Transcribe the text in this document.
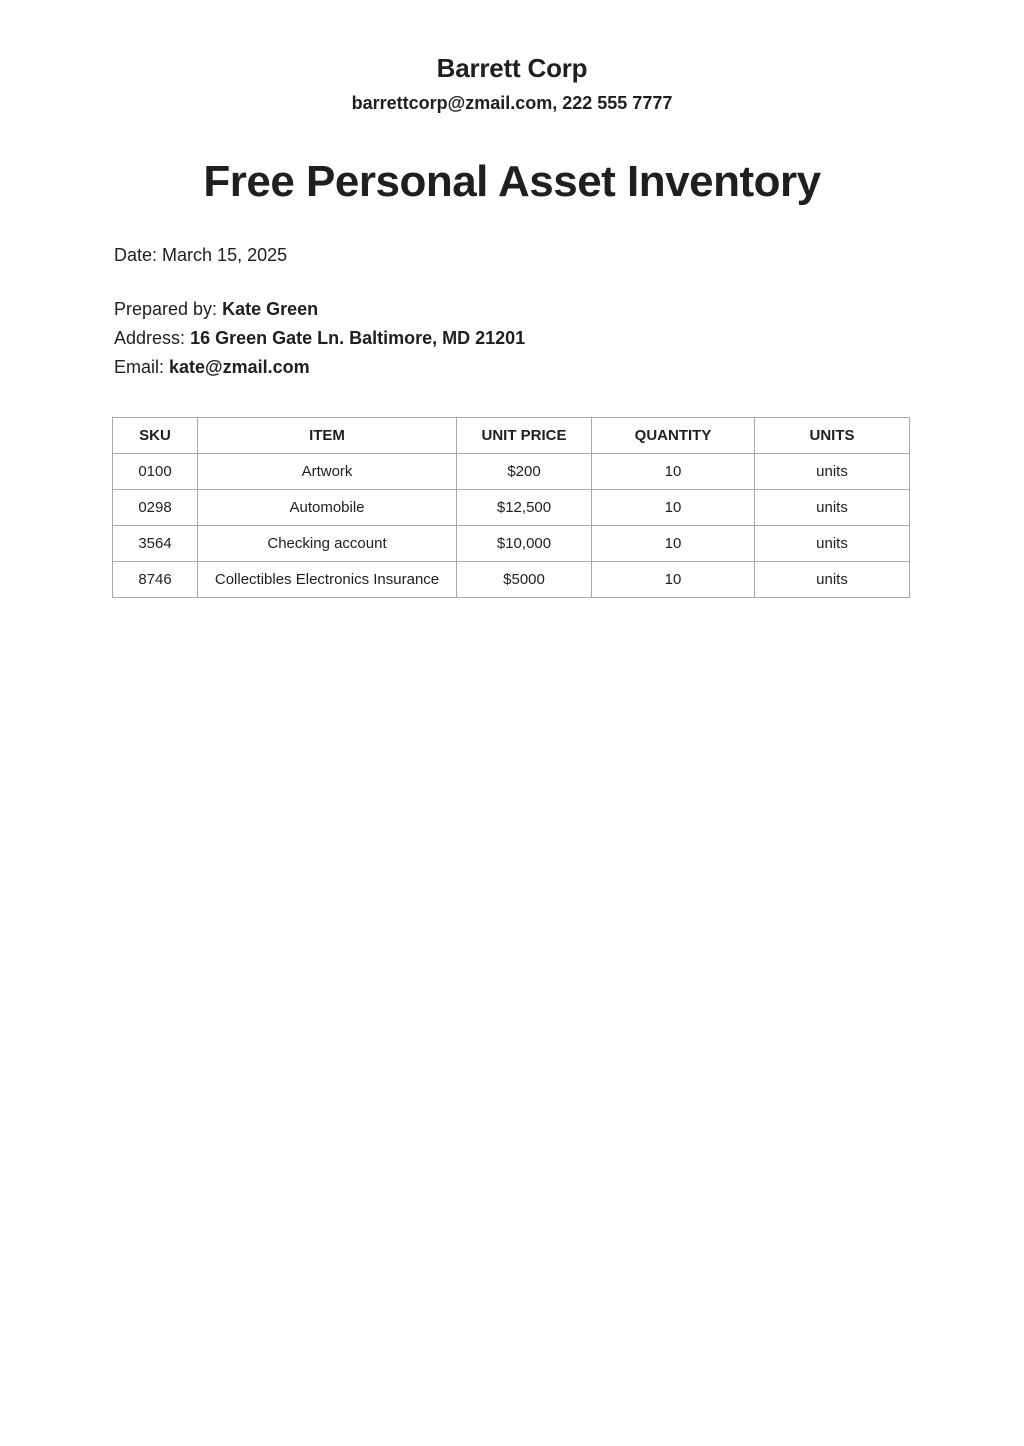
Barrett Corp
barrettcorp@zmail.com, 222 555 7777
Free Personal Asset Inventory
Date: March 15, 2025
Prepared by: Kate Green
Address: 16 Green Gate Ln. Baltimore, MD 21201
Email: kate@zmail.com
SKU	ITEM	UNIT PRICE	QUANTITY	UNITS
0100	Artwork	$200	10	units
0298	Automobile	$12,500	10	units
3564	Checking account	$10,000	10	units
8746	Collectibles Electronics Insurance	$5000	10	units
